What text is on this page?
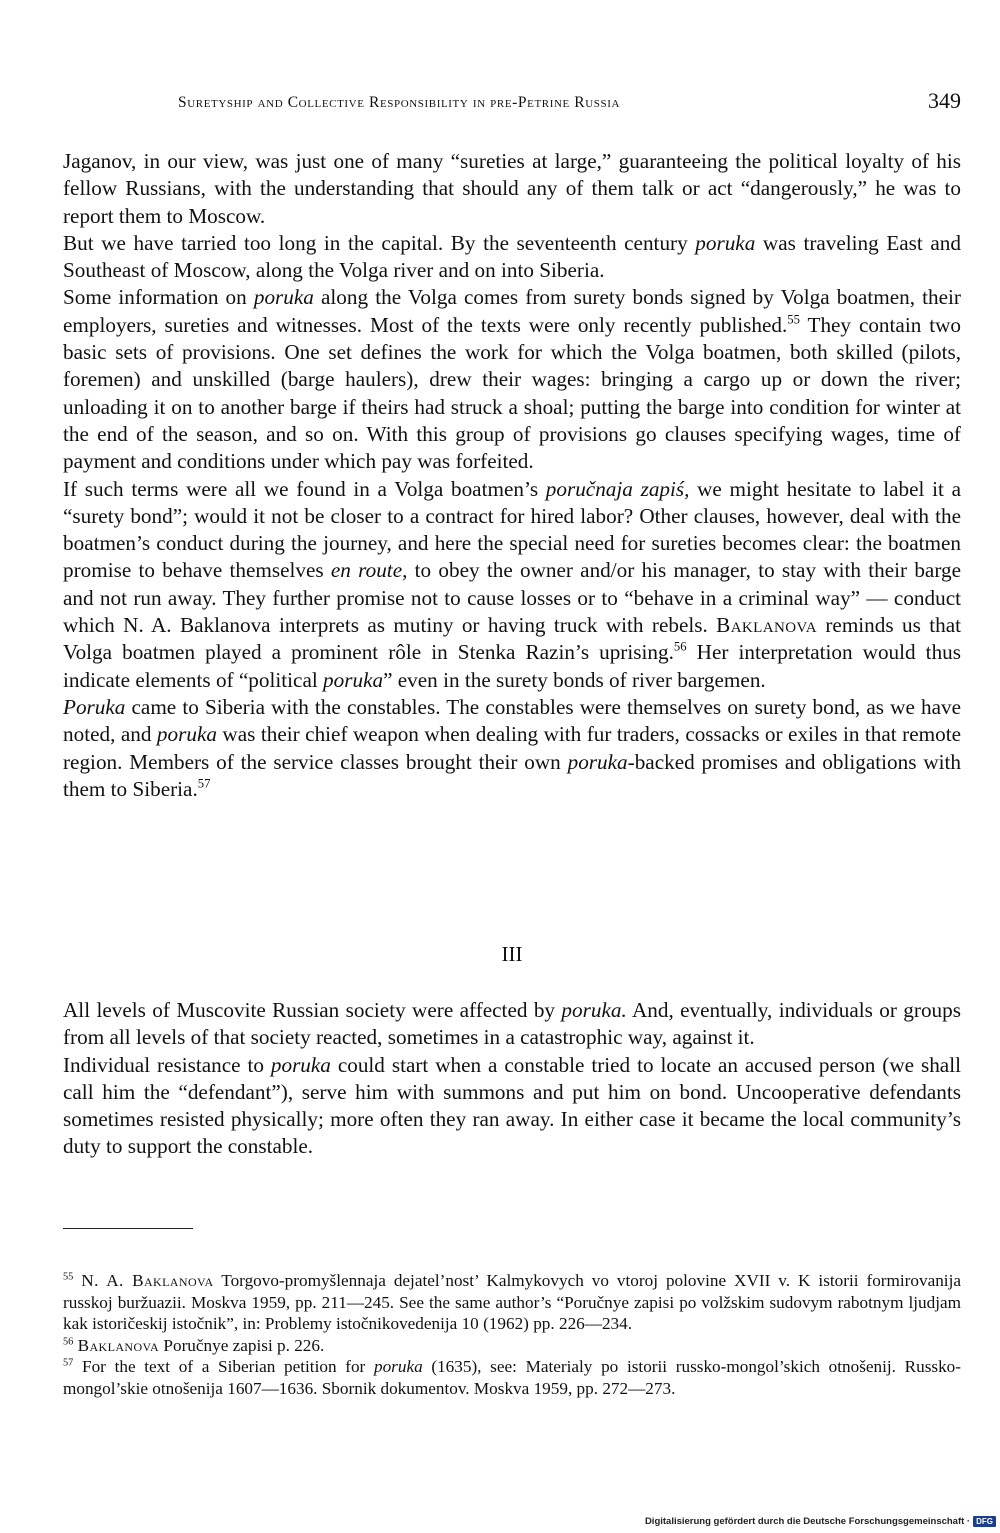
Suretyship and Collective Responsibility in pre-Petrine Russia	349

Jaganov, in our view, was just one of many “sureties at large,” guaranteeing the political loyalty of his fellow Russians, with the understanding that should any of them talk or act “dangerously,” he was to report them to Moscow.

But we have tarried too long in the capital. By the seventeenth century poruka was traveling East and Southeast of Moscow, along the Volga river and on into Siberia.

Some information on poruka along the Volga comes from surety bonds signed by Volga boatmen, their employers, sureties and witnesses. Most of the texts were only recently published.$^{55}$ They contain two basic sets of provisions. One set defines the work for which the Volga boatmen, both skilled (pilots, foremen) and unskilled (barge haulers), drew their wages: bringing a cargo up or down the river; unloading it on to another barge if theirs had struck a shoal; putting the barge into condition for winter at the end of the season, and so on. With this group of provisions go clauses specifying wages, time of payment and conditions under which pay was forfeited.

If such terms were all we found in a Volga boatmen’s poručnaja zapiś, we might hesitate to label it a “surety bond”; would it not be closer to a contract for hired labor? Other clauses, however, deal with the boatmen’s conduct during the journey, and here the special need for sureties becomes clear: the boatmen promise to behave themselves en route, to obey the owner and/or his manager, to stay with their barge and not run away. They further promise not to cause losses or to “behave in a criminal way” — conduct which N. A. Baklanova interprets as mutiny or having truck with rebels. Baklanova reminds us that Volga boatmen played a prominent rôle in Stenka Razin’s uprising.$^{56}$ Her interpretation would thus indicate elements of “political poruka” even in the surety bonds of river bargemen.

Poruka came to Siberia with the constables. The constables were themselves on surety bond, as we have noted, and poruka was their chief weapon when dealing with fur traders, cossacks or exiles in that remote region. Members of the service classes brought their own poruka-backed promises and obligations with them to Siberia.$^{57}$

III

All levels of Muscovite Russian society were affected by poruka. And, eventually, individuals or groups from all levels of that society reacted, sometimes in a catastrophic way, against it.

Individual resistance to poruka could start when a constable tried to locate an accused person (we shall call him the “defendant”), serve him with summons and put him on bond. Uncooperative defendants sometimes resisted physically; more often they ran away. In either case it became the local community’s duty to support the constable.

$^{55}$ N. A. Baklanova Torgovo-promyšlennaja dejatel’nost’ Kalmykovych vo vtoroj polovine XVII v. K istorii formirovanija russkoj buržuazii. Moskva 1959, pp. 211—245. See the same author’s “Poručnye zapisi po volžskim sudovym rabotnym ljudjam kak istoričeskij istočnik”, in: Problemy istočnikovedenija 10 (1962) pp. 226—234.

$^{56}$ Baklanova Poručnye zapisi p. 226.

$^{57}$ For the text of a Siberian petition for poruka (1635), see: Materialy po istorii russko-mongol’skich otnošenij. Russko-mongol’skie otnošenija 1607—1636. Sbornik dokumentov. Moskva 1959, pp. 272—273.

Digitalisierung gefördert durch die Deutsche Forschungsgemeinschaft · DFG
